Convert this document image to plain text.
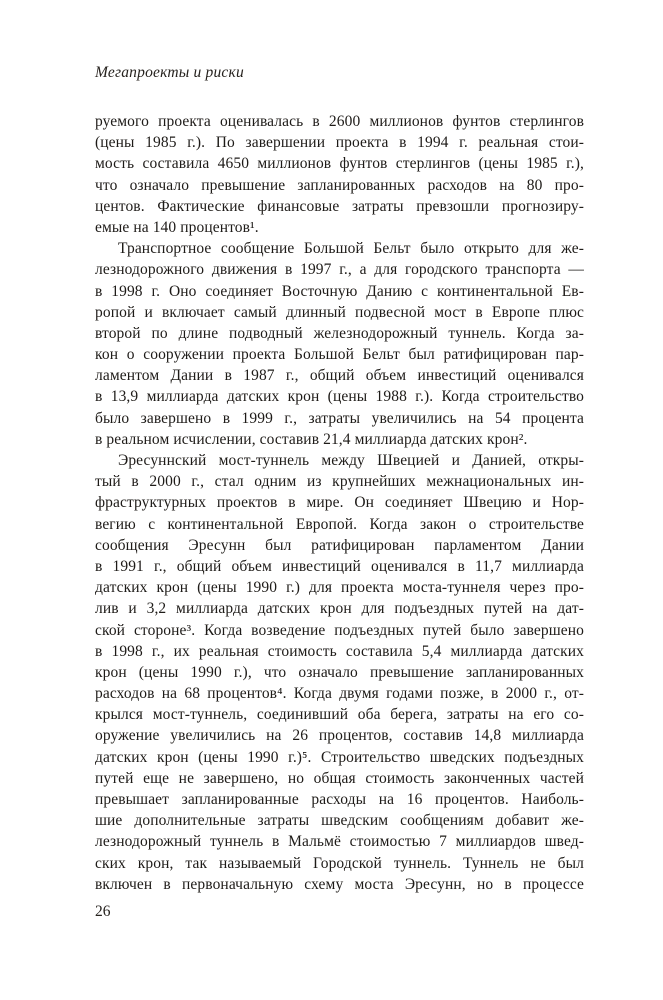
Мегапроекты и риски
руемого проекта оценивалась в 2600 миллионов фунтов стерлингов
(цены 1985 г.). По завершении проекта в 1994 г. реальная стои-
мость составила 4650 миллионов фунтов стерлингов (цены 1985 г.),
что означало превышение запланированных расходов на 80 про-
центов. Фактические финансовые затраты превзошли прогнозиру-
емые на 140 процентов¹.
Транспортное сообщение Большой Бельт было открыто для же-
лезнодорожного движения в 1997 г., а для городского транспорта —
в 1998 г. Оно соединяет Восточную Данию с континентальной Ев-
ропой и включает самый длинный подвесной мост в Европе плюс
второй по длине подводный железнодорожный туннель. Когда за-
кон о сооружении проекта Большой Бельт был ратифицирован пар-
ламентом Дании в 1987 г., общий объем инвестиций оценивался
в 13,9 миллиарда датских крон (цены 1988 г.). Когда строительство
было завершено в 1999 г., затраты увеличились на 54 процента
в реальном исчислении, составив 21,4 миллиарда датских крон².
Эресуннский мост-туннель между Швецией и Данией, откры-
тый в 2000 г., стал одним из крупнейших межнациональных ин-
фраструктурных проектов в мире. Он соединяет Швецию и Нор-
вегию с континентальной Европой. Когда закон о строительстве
сообщения Эресунн был ратифицирован парламентом Дании
в 1991 г., общий объем инвестиций оценивался в 11,7 миллиарда
датских крон (цены 1990 г.) для проекта моста-туннеля через про-
лив и 3,2 миллиарда датских крон для подъездных путей на дат-
ской стороне³. Когда возведение подъездных путей было завершено
в 1998 г., их реальная стоимость составила 5,4 миллиарда датских
крон (цены 1990 г.), что означало превышение запланированных
расходов на 68 процентов⁴. Когда двумя годами позже, в 2000 г., от-
крылся мост-туннель, соединивший оба берега, затраты на его со-
оружение увеличились на 26 процентов, составив 14,8 миллиарда
датских крон (цены 1990 г.)⁵. Строительство шведских подъездных
путей еще не завершено, но общая стоимость законченных частей
превышает запланированные расходы на 16 процентов. Наиболь-
шие дополнительные затраты шведским сообщениям добавит же-
лезнодорожный туннель в Мальмё стоимостью 7 миллиардов швед-
ских крон, так называемый Городской туннель. Туннель не был
включен в первоначальную схему моста Эресунн, но в процессе
26
